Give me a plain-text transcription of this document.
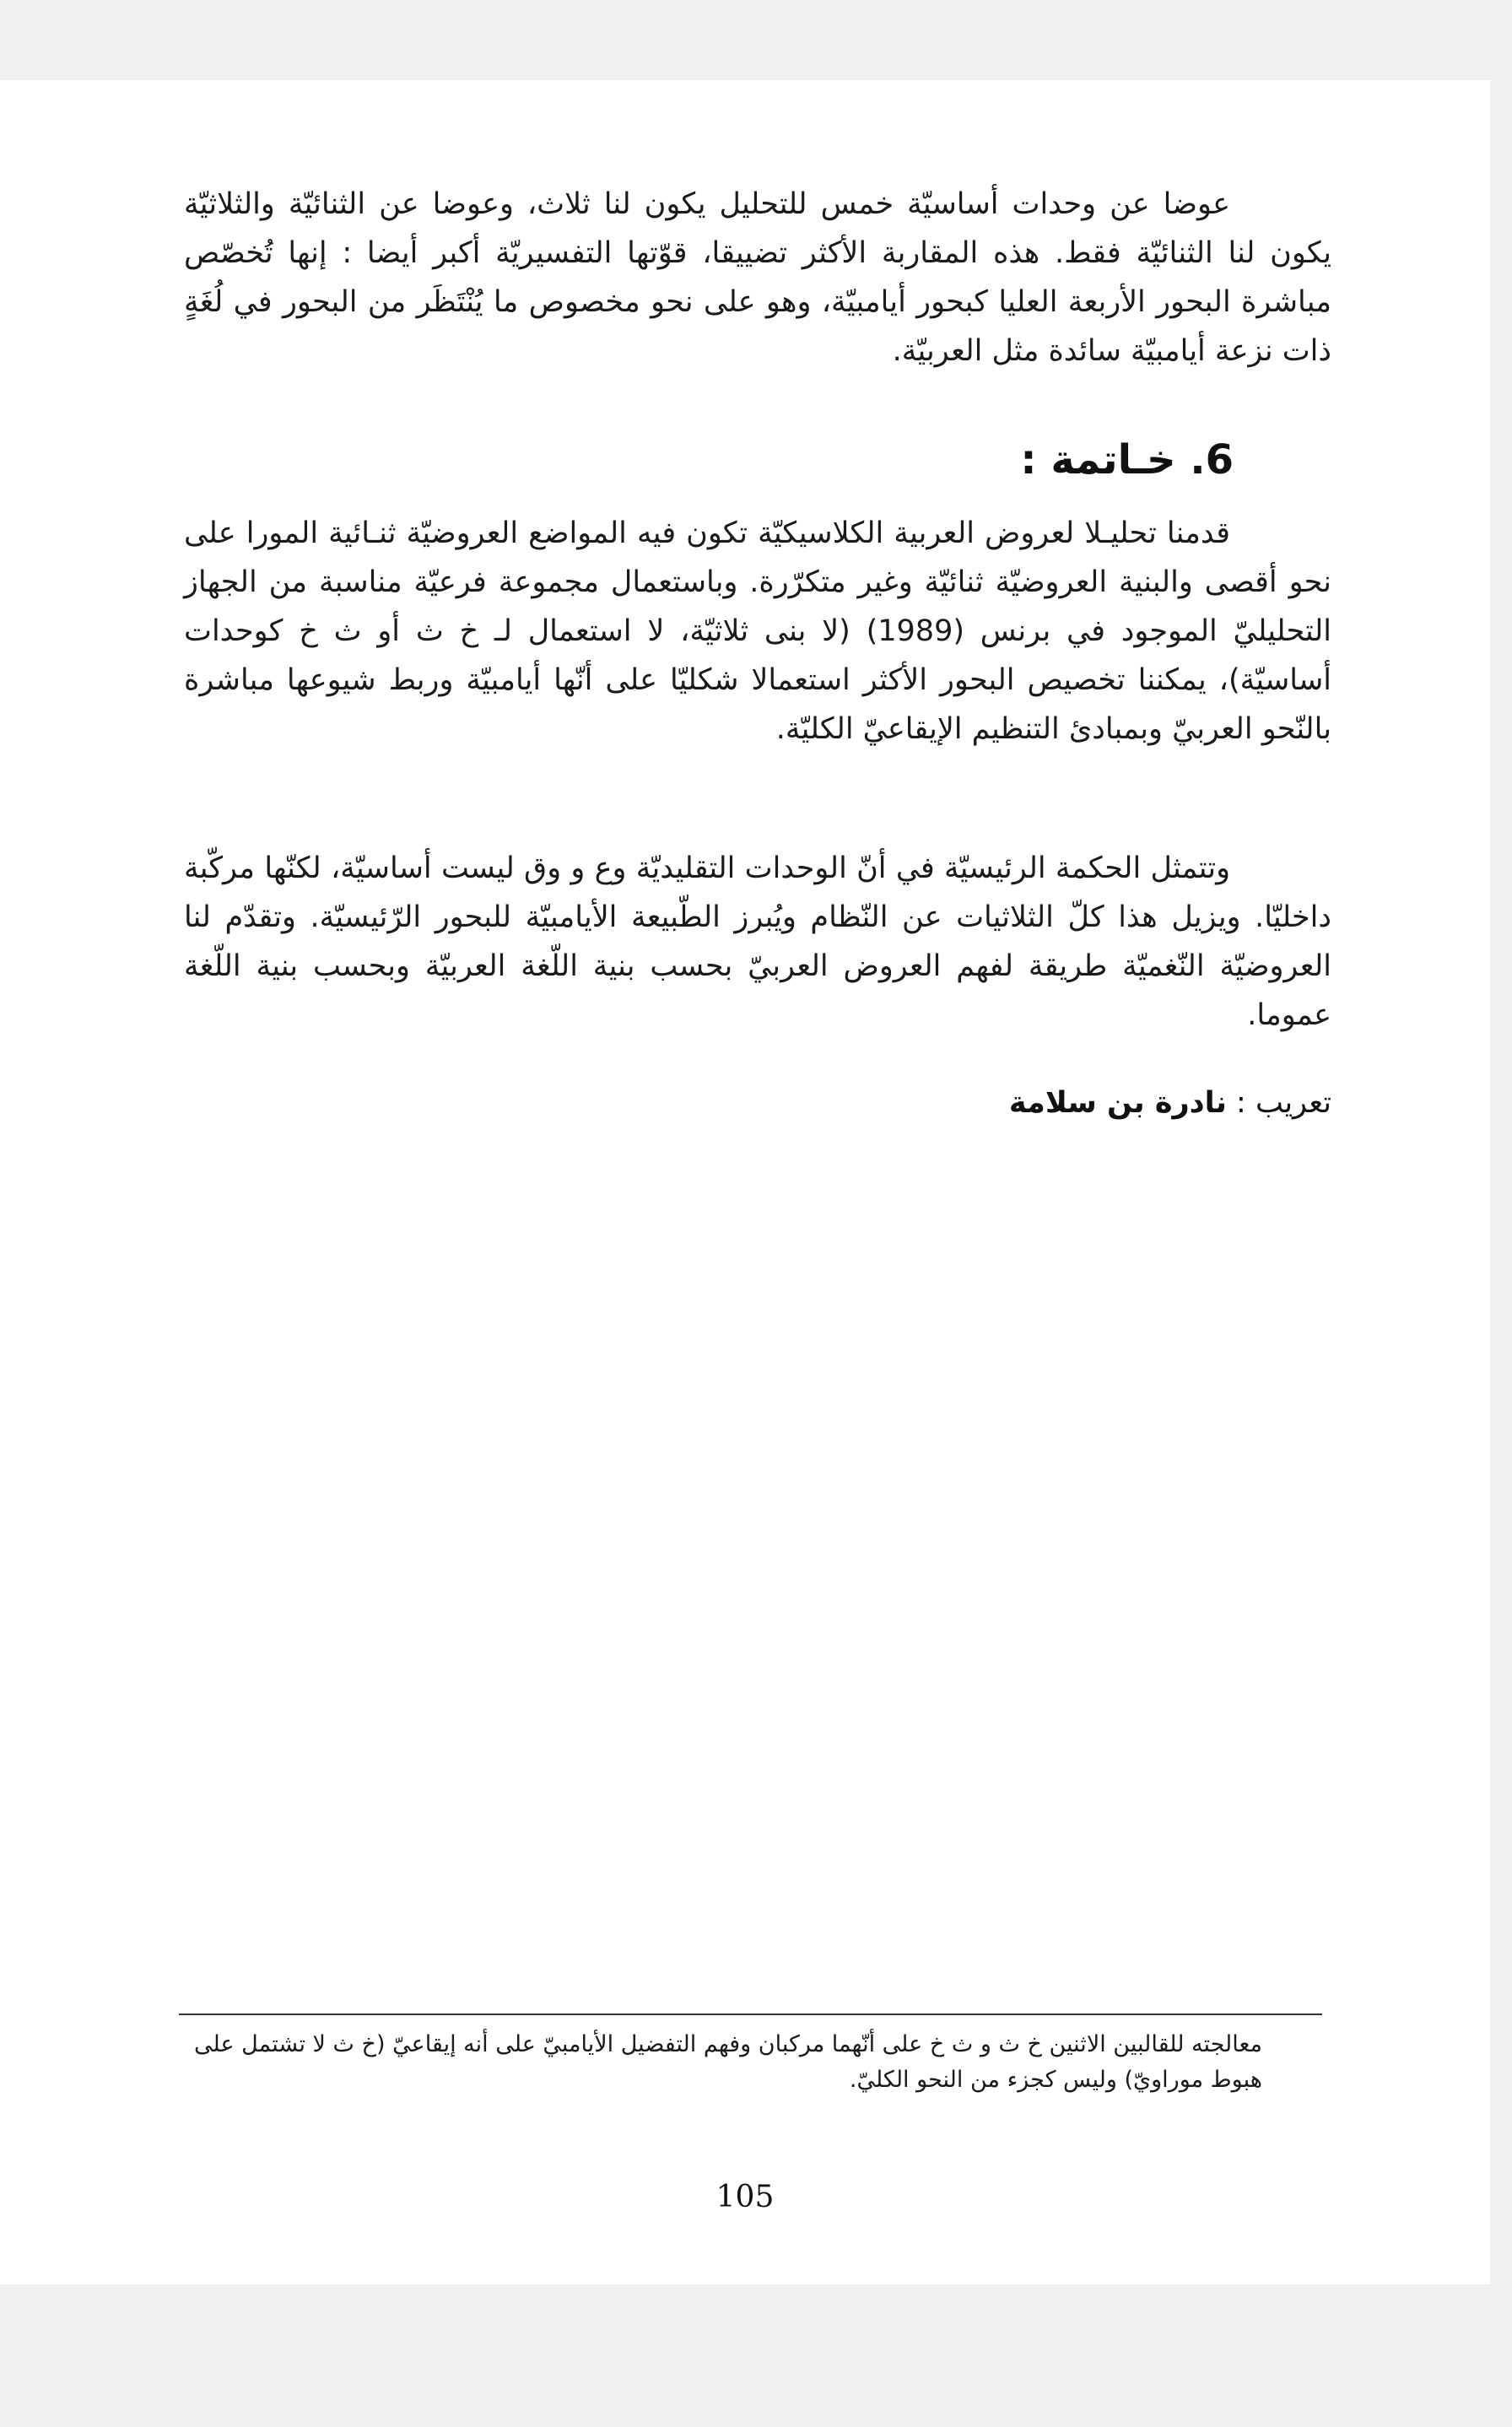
عوضا عن وحدات أساسيّة خمس للتحليل يكون لنا ثلاث، وعوضا عن الثنائيّة والثلاثيّة يكون لنا الثنائيّة فقط. هذه المقاربة الأكثر تضييقا، قوّتها التفسيريّة أكبر أيضا : إنها تُخصّص مباشرة البحور الأربعة العليا كبحور أيامبيّة، وهو على نحو مخصوص ما يُنْتَظَر من البحور في لُغَةٍ ذات نزعة أيامبيّة سائدة مثل العربيّة.

6. خـاتمة :

قدمنا تحليـلا لعروض العربية الكلاسيكيّة تكون فيه المواضع العروضيّة ثنـائية المورا على نحو أقصى والبنية العروضيّة ثنائيّة وغير متكرّرة. وباستعمال مجموعة فرعيّة مناسبة من الجهاز التحليليّ الموجود في برنس (1989) (لا بنى ثلاثيّة، لا استعمال لـ خ ث أو ث خ كوحدات أساسيّة)، يمكننا تخصيص البحور الأكثر استعمالا شكليّا على أنّها أيامبيّة وربط شيوعها مباشرة بالنّحو العربيّ وبمبادئ التنظيم الإيقاعيّ الكليّة.

وتتمثل الحكمة الرئيسيّة في أنّ الوحدات التقليديّة وع و وق ليست أساسيّة، لكنّها مركّبة داخليّا. ويزيل هذا كلّ الثلاثيات عن النّظام ويُبرز الطّبيعة الأيامبيّة للبحور الرّئيسيّة. وتقدّم لنا العروضيّة النّغميّة طريقة لفهم العروض العربيّ بحسب بنية اللّغة العربيّة وبحسب بنية اللّغة عموما.

تعريب : نادرة بن سلامة

معالجته للقالبين الاثنين خ ث و ث خ على أنّهما مركبان وفهم التفضيل الأيامبيّ على أنه إيقاعيّ (خ ث لا تشتمل على هبوط موراويّ) وليس كجزء من النحو الكليّ.

105
